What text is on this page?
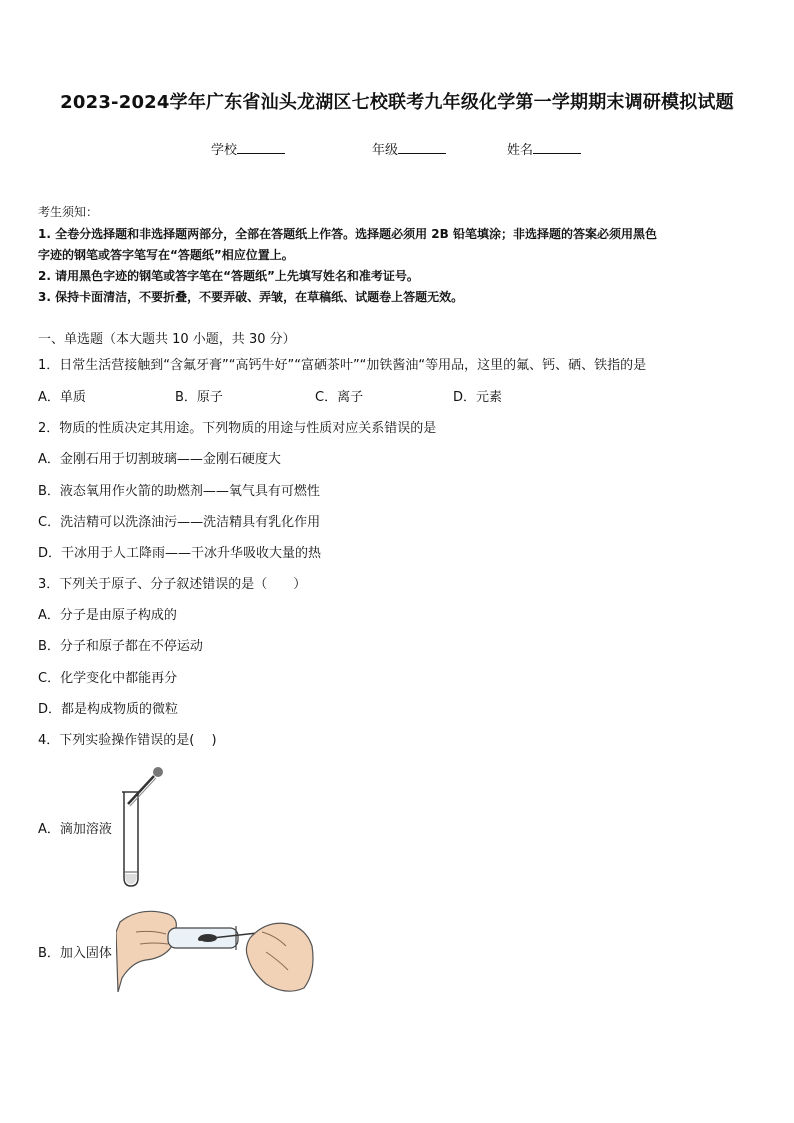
2023-2024学年广东省汕头龙湖区七校联考九年级化学第一学期期末调研模拟试题
学校	年级	姓名
考生须知：
1. 全卷分选择题和非选择题两部分，全部在答题纸上作答。选择题必须用 2B 铅笔填涂；非选择题的答案必须用黑色
字迹的钢笔或答字笔写在“答题纸”相应位置上。
2. 请用黑色字迹的钢笔或答字笔在“答题纸”上先填写姓名和准考证号。
3. 保持卡面清洁，不要折叠，不要弄破、弄皱，在草稿纸、试题卷上答题无效。
一、单选题（本大题共 10 小题，共 30 分）
1．日常生活营接触到“含氟牙膏”“高钙牛好”“富硒茶叶”“加铁酱油“等用品，这里的氟、钙、硒、铁指的是
A．单质	B．原子	C．离子	D．元素
2．物质的性质决定其用途。下列物质的用途与性质对应关系错误的是
A．金刚石用于切割玻璃——金刚石硬度大
B．液态氧用作火箭的助燃剂——氧气具有可燃性
C．洗洁精可以洗涤油污——洗洁精具有乳化作用
D．干冰用于人工降雨——干冰升华吸收大量的热
3．下列关于原子、分子叙述错误的是（　　）
A．分子是由原子构成的
B．分子和原子都在不停运动
C．化学变化中都能再分
D．都是构成物质的微粒
4．下列实验操作错误的是(　 )
A．滴加溶液
B．加入固体
